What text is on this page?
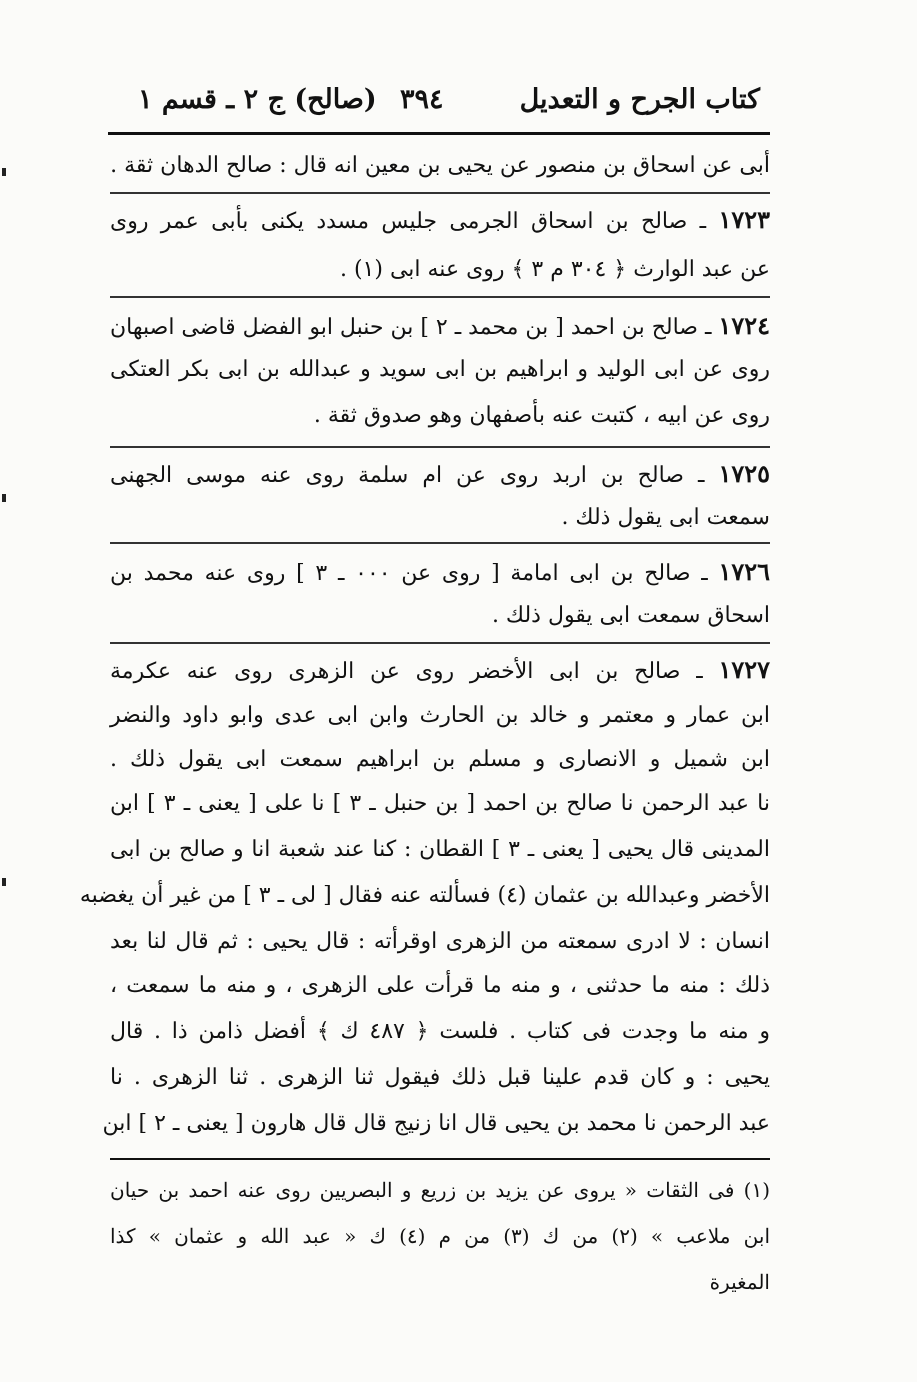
كتاب الجرح و التعديل
٣٩٤
(صالح) ج ٢ ـ قسم ١
أبى عن اسحاق بن منصور عن يحيى بن معين انه قال : صالح الدهان ثقة .
١٧٢٣ ـ صالح بن اسحاق الجرمى جليس مسدد يكنى بأبى عمر روى
عن عبد الوارث ﴿ ٣٠٤ م ٣ ﴾ روى عنه ابى (١) .
١٧٢٤ ـ صالح بن احمد [ بن محمد ـ ٢ ] بن حنبل ابو الفضل قاضى اصبهان
روى عن ابى الوليد و ابراهيم بن ابى سويد و عبدالله بن ابى بكر العتكى
روى عن ابيه ، كتبت عنه بأصفهان وهو صدوق ثقة .
١٧٢٥ ـ صالح بن اربد روى عن ام سلمة روى عنه موسى الجهنى
سمعت ابى يقول ذلك .
١٧٢٦ ـ صالح بن ابى امامة [ روى عن ٠٠٠ ـ ٣ ] روى عنه محمد بن
اسحاق سمعت ابى يقول ذلك .
١٧٢٧ ـ صالح بن ابى الأخضر روى عن الزهرى روى عنه عكرمة
ابن عمار و معتمر و خالد بن الحارث وابن ابى عدى وابو داود والنضر
ابن شميل و الانصارى و مسلم بن ابراهيم سمعت ابى يقول ذلك .
نا عبد الرحمن نا صالح بن احمد [ بن حنبل ـ ٣ ] نا على [ يعنى ـ ٣ ] ابن
المدينى قال يحيى [ يعنى ـ ٣ ] القطان : كنا عند شعبة انا و صالح بن ابى
الأخضر وعبدالله بن عثمان (٤) فسألته عنه فقال [ لى ـ ٣ ] من غير أن يغضبه
انسان : لا ادرى سمعته من الزهرى اوقرأته : قال يحيى : ثم قال لنا بعد
ذلك : منه ما حدثنى ، و منه ما قرأت على الزهرى ، و منه ما سمعت ،
و منه ما وجدت فى كتاب . فلست ﴿ ٤٨٧ ك ﴾ أفضل ذامن ذا . قال
يحيى : و كان قدم علينا قبل ذلك فيقول ثنا الزهرى . ثنا الزهرى . نا
عبد الرحمن نا محمد بن يحيى قال انا زنيج قال قال هارون [ يعنى ـ ٢ ] ابن
(١) فى الثقات « يروى عن يزيد بن زريع و البصريين روى عنه احمد بن حيان
ابن ملاعب » (٢) من ك (٣) من م (٤) ك « عبد الله و عثمان » كذا
المغيرة
